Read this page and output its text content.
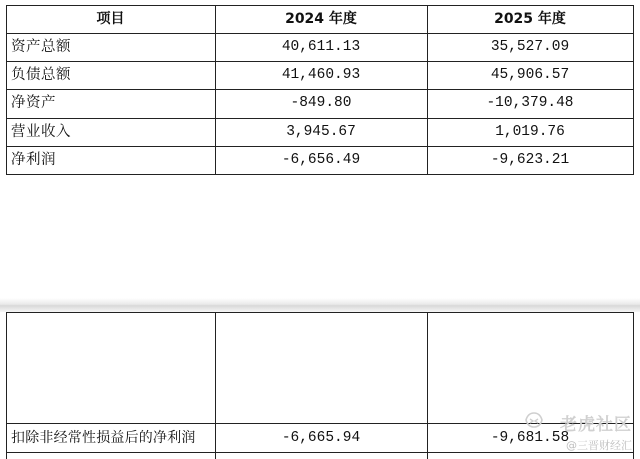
项目	2024 年度	2025 年度
资产总额	40,611.13	35,527.09
负债总额	41,460.93	45,906.57
净资产	-849.80	-10,379.48
营业收入	3,945.67	1,019.76
净利润	-6,656.49	-9,623.21
扣除非经常性损益后的净利润	-6,665.94	-9,681.58
老虎社区
@三晋财经汇
